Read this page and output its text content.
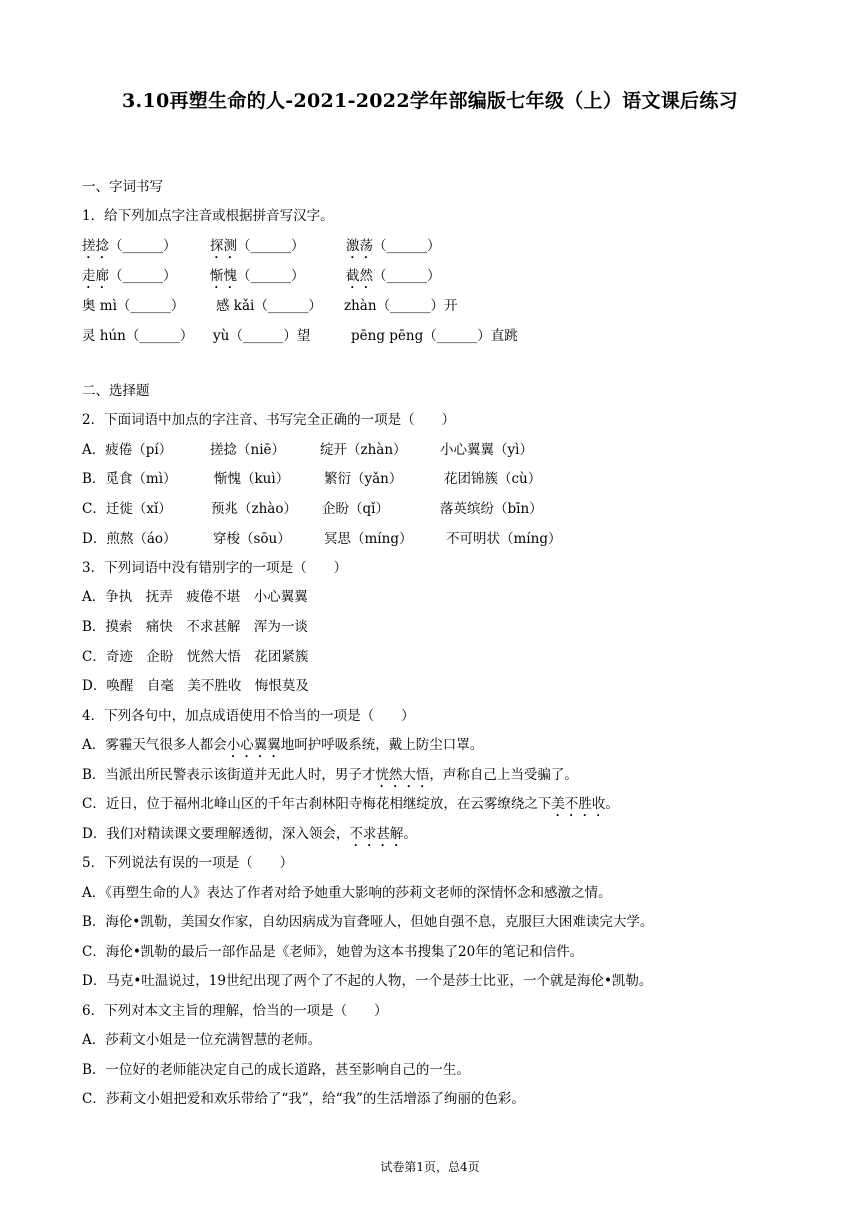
3.10再塑生命的人-2021-2022学年部编版七年级（上）语文课后练习
一、字词书写
1．给下列加点字注音或根据拼音写汉字。
搓捻（______） 探测（______）	激荡（______）
走廊（______） 惭愧（______）	截然（______）
奥 mì（______） 感 kǎi（______） zhàn（______）开
灵 hún（______） yù（______）望	pēng pēng（______）直跳
二、选择题
2．下面词语中加点的字注音、书写完全正确的一项是（　　）
A．疲倦（pí）	搓捻（niē）	绽开（zhàn） 小心翼翼（yì）
B．觅食（mì）	惭愧（kuì）	繁衍（yǎn）	花团锦簇（cù）
C．迁徙（xǐ）	预兆（zhào） 企盼（qǐ）	落英缤纷（bīn）
D．煎熬（áo）	穿梭（sōu） 冥思（míng） 不可明状（míng）
3．下列词语中没有错别字的一项是（　　）
A．争执　抚弄　疲倦不堪　小心翼翼
B．摸索　痛快　不求甚解　浑为一谈
C．奇迹　企盼　恍然大悟　花团紧簇
D．唤醒　自毫　美不胜收　悔恨莫及
4．下列各句中，加点成语使用不恰当的一项是（　　）
A．雾霾天气很多人都会小心翼翼地呵护呼吸系统，戴上防尘口罩。
B．当派出所民警表示该街道并无此人时，男子才恍然大悟，声称自己上当受骗了。
C．近日，位于福州北峰山区的千年古刹林阳寺梅花相继绽放，在云雾缭绕之下美不胜收。
D．我们对精读课文要理解透彻，深入领会，不求甚解。
5．下列说法有误的一项是（　　）
A．《再塑生命的人》表达了作者对给予她重大影响的莎莉文老师的深情怀念和感激之情。
B．海伦•凯勒，美国女作家，自幼因病成为盲聋哑人，但她自强不息，克服巨大困难读完大学。
C．海伦•凯勒的最后一部作品是《老师》，她曾为这本书搜集了20年的笔记和信件。
D．马克•吐温说过，19世纪出现了两个了不起的人物，一个是莎士比亚，一个就是海伦•凯勒。
6．下列对本文主旨的理解，恰当的一项是（　　）
A．莎莉文小姐是一位充满智慧的老师。
B．一位好的老师能决定自己的成长道路，甚至影响自己的一生。
C．莎莉文小姐把爱和欢乐带给了“我”，给“我”的生活增添了绚丽的色彩。
试卷第1页，总4页
